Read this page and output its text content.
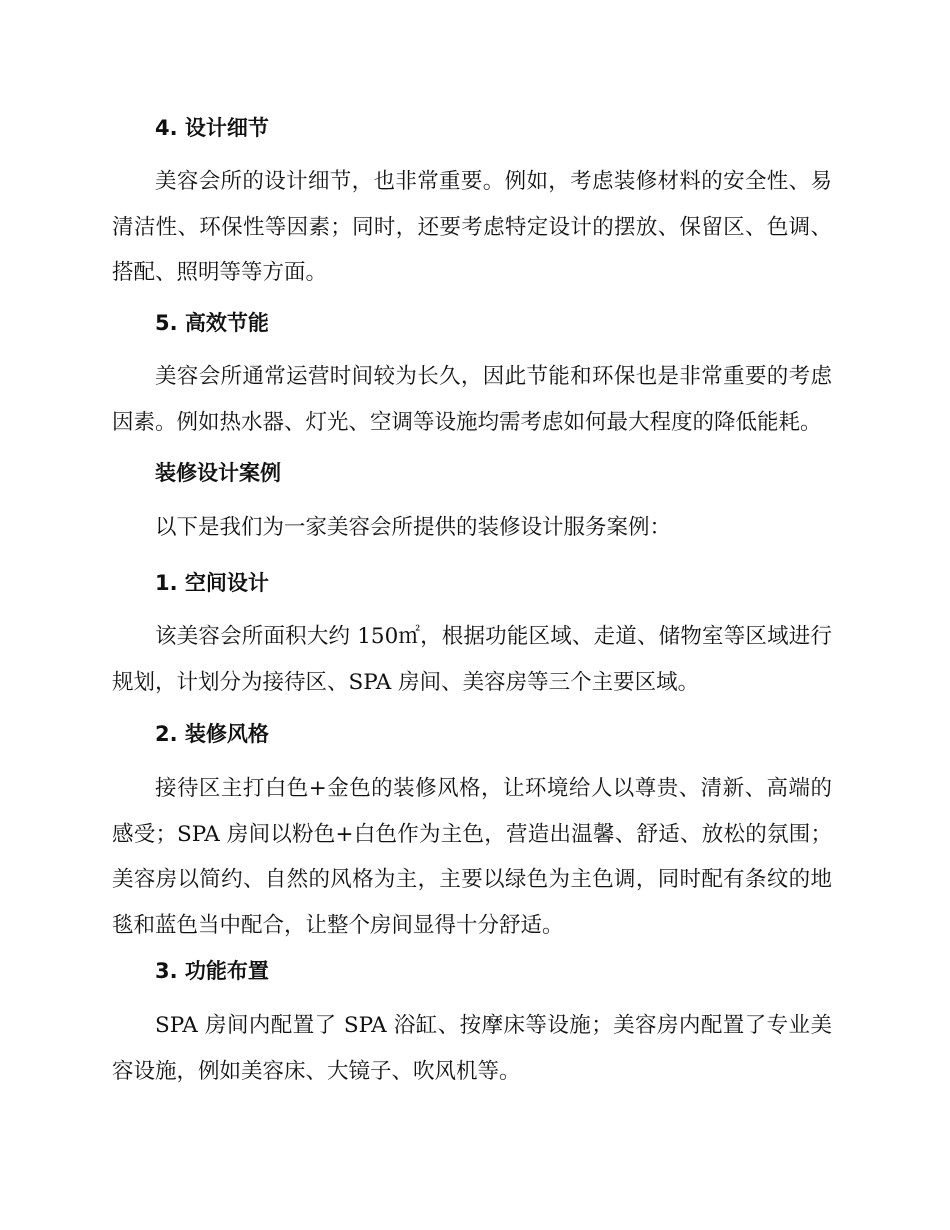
4. 设计细节
美容会所的设计细节，也非常重要。例如，考虑装修材料的安全性、易清洁性、环保性等因素；同时，还要考虑特定设计的摆放、保留区、色调、搭配、照明等等方面。
5. 高效节能
美容会所通常运营时间较为长久，因此节能和环保也是非常重要的考虑因素。例如热水器、灯光、空调等设施均需考虑如何最大程度的降低能耗。
装修设计案例
以下是我们为一家美容会所提供的装修设计服务案例：
1. 空间设计
该美容会所面积大约 150㎡，根据功能区域、走道、储物室等区域进行规划，计划分为接待区、SPA 房间、美容房等三个主要区域。
2. 装修风格
接待区主打白色+金色的装修风格，让环境给人以尊贵、清新、高端的感受；SPA 房间以粉色+白色作为主色，营造出温馨、舒适、放松的氛围；美容房以简约、自然的风格为主，主要以绿色为主色调，同时配有条纹的地毯和蓝色当中配合，让整个房间显得十分舒适。
3. 功能布置
SPA 房间内配置了 SPA 浴缸、按摩床等设施；美容房内配置了专业美容设施，例如美容床、大镜子、吹风机等。
